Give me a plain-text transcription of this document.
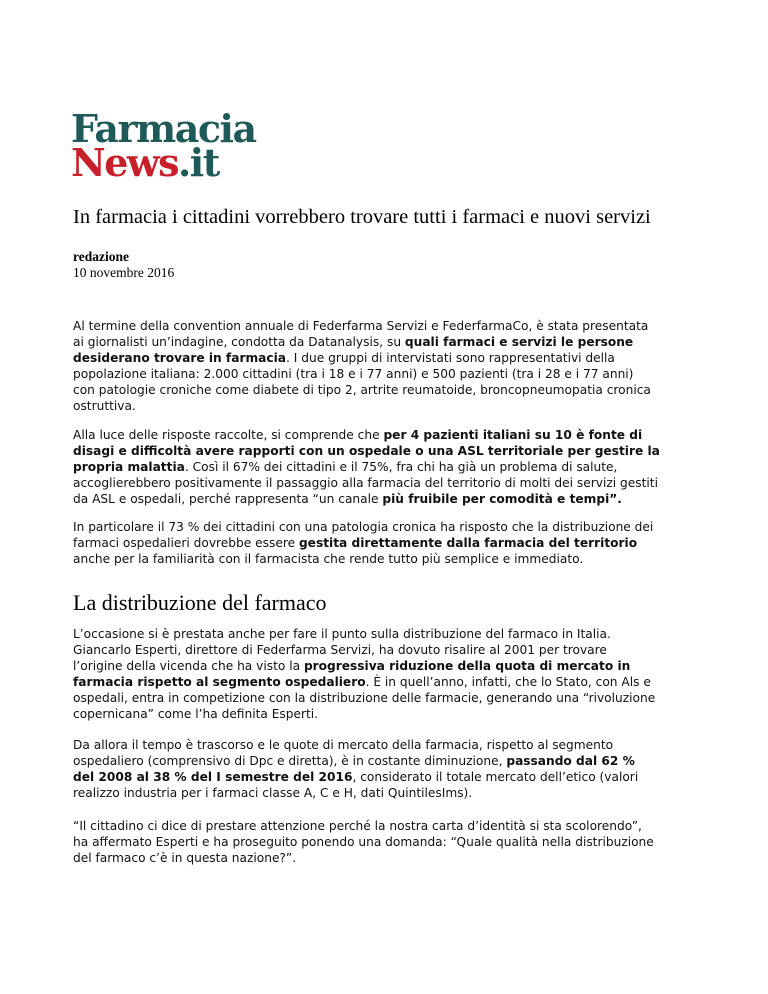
Farmacia
News.it
In farmacia i cittadini vorrebbero trovare tutti i farmaci e nuovi servizi
redazione
10 novembre 2016

Al termine della convention annuale di Federfarma Servizi e FederfarmaCo, è stata presentata
ai giornalisti un’indagine, condotta da Datanalysis, su quali farmaci e servizi le persone
desiderano trovare in farmacia. I due gruppi di intervistati sono rappresentativi della
popolazione italiana: 2.000 cittadini (tra i 18 e i 77 anni) e 500 pazienti (tra i 28 e i 77 anni)
con patologie croniche come diabete di tipo 2, artrite reumatoide, broncopneumopatia cronica
ostruttiva.

Alla luce delle risposte raccolte, si comprende che per 4 pazienti italiani su 10 è fonte di
disagi e difficoltà avere rapporti con un ospedale o una ASL territoriale per gestire la
propria malattia. Così il 67% dei cittadini e il 75%, fra chi ha già un problema di salute,
accoglierebbero positivamente il passaggio alla farmacia del territorio di molti dei servizi gestiti
da ASL e ospedali, perché rappresenta “un canale più fruibile per comodità e tempi”.

In particolare il 73 % dei cittadini con una patologia cronica ha risposto che la distribuzione dei
farmaci ospedalieri dovrebbe essere gestita direttamente dalla farmacia del territorio
anche per la familiarità con il farmacista che rende tutto più semplice e immediato.

La distribuzione del farmaco

L’occasione si è prestata anche per fare il punto sulla distribuzione del farmaco in Italia.
Giancarlo Esperti, direttore di Federfarma Servizi, ha dovuto risalire al 2001 per trovare
l’origine della vicenda che ha visto la progressiva riduzione della quota di mercato in
farmacia rispetto al segmento ospedaliero. È in quell’anno, infatti, che lo Stato, con Als e
ospedali, entra in competizione con la distribuzione delle farmacie, generando una “rivoluzione
copernicana” come l’ha definita Esperti.

Da allora il tempo è trascorso e le quote di mercato della farmacia, rispetto al segmento
ospedaliero (comprensivo di Dpc e diretta), è in costante diminuzione, passando dal 62 %
del 2008 al 38 % del I semestre del 2016, considerato il totale mercato dell’etico (valori
realizzo industria per i farmaci classe A, C e H, dati QuintilesIms).

“Il cittadino ci dice di prestare attenzione perché la nostra carta d’identità si sta scolorendo”,
ha affermato Esperti e ha proseguito ponendo una domanda: “Quale qualità nella distribuzione
del farmaco c’è in questa nazione?”.
